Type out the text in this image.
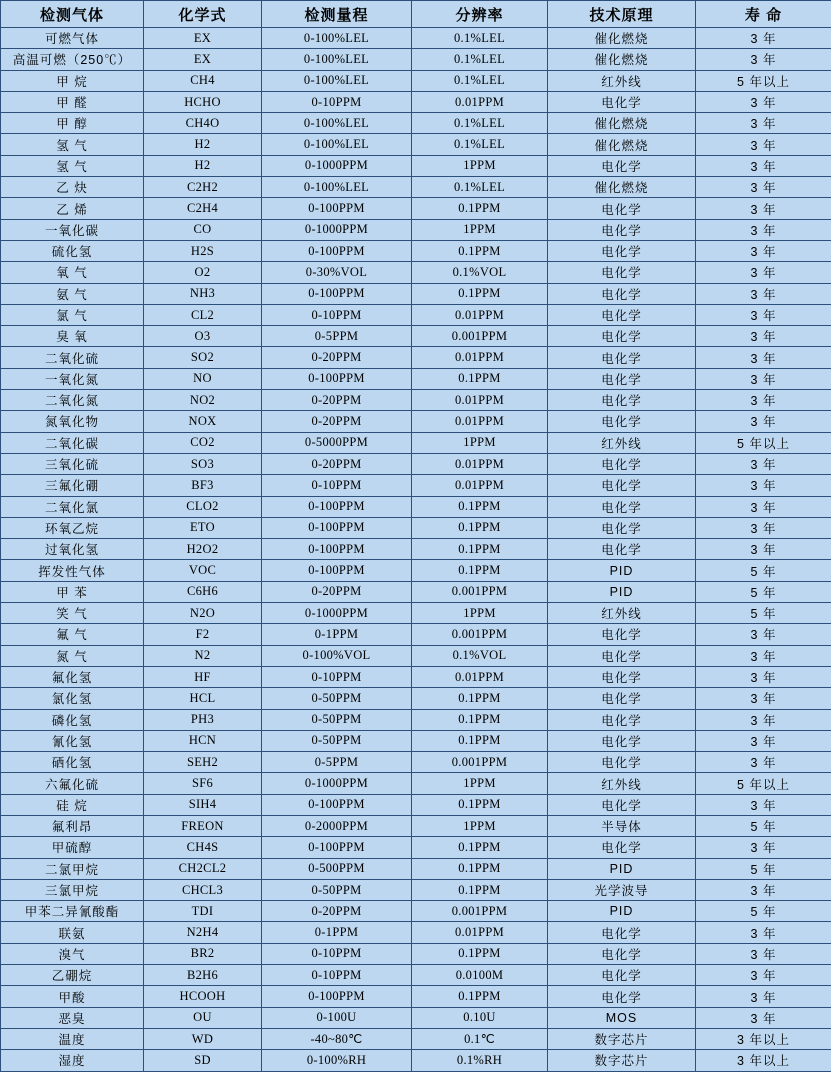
检测气体	化学式	检测量程	分辨率	技术原理	寿 命
可燃气体	EX	0-100%LEL	0.1%LEL	催化燃烧	3 年
高温可燃（250℃）	EX	0-100%LEL	0.1%LEL	催化燃烧	3 年
甲 烷	CH4	0-100%LEL	0.1%LEL	红外线	5 年以上
甲 醛	HCHO	0-10PPM	0.01PPM	电化学	3 年
甲 醇	CH4O	0-100%LEL	0.1%LEL	催化燃烧	3 年
氢 气	H2	0-100%LEL	0.1%LEL	催化燃烧	3 年
氢 气	H2	0-1000PPM	1PPM	电化学	3 年
乙 炔	C2H2	0-100%LEL	0.1%LEL	催化燃烧	3 年
乙 烯	C2H4	0-100PPM	0.1PPM	电化学	3 年
一氧化碳	CO	0-1000PPM	1PPM	电化学	3 年
硫化氢	H2S	0-100PPM	0.1PPM	电化学	3 年
氧 气	O2	0-30%VOL	0.1%VOL	电化学	3 年
氨 气	NH3	0-100PPM	0.1PPM	电化学	3 年
氯 气	CL2	0-10PPM	0.01PPM	电化学	3 年
臭 氧	O3	0-5PPM	0.001PPM	电化学	3 年
二氧化硫	SO2	0-20PPM	0.01PPM	电化学	3 年
一氧化氮	NO	0-100PPM	0.1PPM	电化学	3 年
二氧化氮	NO2	0-20PPM	0.01PPM	电化学	3 年
氮氧化物	NOX	0-20PPM	0.01PPM	电化学	3 年
二氧化碳	CO2	0-5000PPM	1PPM	红外线	5 年以上
三氧化硫	SO3	0-20PPM	0.01PPM	电化学	3 年
三氟化硼	BF3	0-10PPM	0.01PPM	电化学	3 年
二氧化氯	CLO2	0-100PPM	0.1PPM	电化学	3 年
环氧乙烷	ETO	0-100PPM	0.1PPM	电化学	3 年
过氧化氢	H2O2	0-100PPM	0.1PPM	电化学	3 年
挥发性气体	VOC	0-100PPM	0.1PPM	PID	5 年
甲 苯	C6H6	0-20PPM	0.001PPM	PID	5 年
笑 气	N2O	0-1000PPM	1PPM	红外线	5 年
氟 气	F2	0-1PPM	0.001PPM	电化学	3 年
氮 气	N2	0-100%VOL	0.1%VOL	电化学	3 年
氟化氢	HF	0-10PPM	0.01PPM	电化学	3 年
氯化氢	HCL	0-50PPM	0.1PPM	电化学	3 年
磷化氢	PH3	0-50PPM	0.1PPM	电化学	3 年
氰化氢	HCN	0-50PPM	0.1PPM	电化学	3 年
硒化氢	SEH2	0-5PPM	0.001PPM	电化学	3 年
六氟化硫	SF6	0-1000PPM	1PPM	红外线	5 年以上
硅 烷	SIH4	0-100PPM	0.1PPM	电化学	3 年
氟利昂	FREON	0-2000PPM	1PPM	半导体	5 年
甲硫醇	CH4S	0-100PPM	0.1PPM	电化学	3 年
二氯甲烷	CH2CL2	0-500PPM	0.1PPM	PID	5 年
三氯甲烷	CHCL3	0-50PPM	0.1PPM	光学波导	3 年
甲苯二异氰酸酯	TDI	0-20PPM	0.001PPM	PID	5 年
联氨	N2H4	0-1PPM	0.01PPM	电化学	3 年
溴气	BR2	0-10PPM	0.1PPM	电化学	3 年
乙硼烷	B2H6	0-10PPM	0.0100M	电化学	3 年
甲酸	HCOOH	0-100PPM	0.1PPM	电化学	3 年
恶臭	OU	0-100U	0.10U	MOS	3 年
温度	WD	-40~80℃	0.1℃	数字芯片	3 年以上
湿度	SD	0-100%RH	0.1%RH	数字芯片	3 年以上
